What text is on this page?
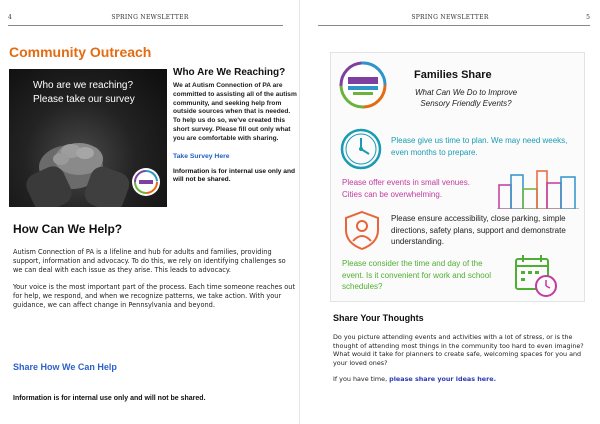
4	SPRING NEWSLETTER
Community Outreach
Who are we reaching? Please take our survey
Who Are We Reaching?
We at Autism Connection of PA are committed to assisting all of the autism community, and seeking help from outside sources when that is needed. To help us do so, we've created this short survey. Please fill out only what you are comfortable with sharing.
Take Survey Here
Information is for internal use only and will not be shared.
How Can We Help?

Autism Connection of PA is a lifeline and hub for adults and families, providing support, information and advocacy. To do this, we rely on identifying challenges so we can deal with each issue as they arise. This leads to advocacy.

Your voice is the most important part of the process. Each time someone reaches out for help, we respond, and when we recognize patterns, we take action. With your guidance, we can affect change in Pennsylvania and beyond.

Share How We Can Help
Information is for internal use only and will not be shared.
SPRING NEWSLETTER	5
Families Share
What Can We Do to Improve Sensory Friendly Events?
Please give us time to plan. We may need weeks, even months to prepare.
Please offer events in small venues. Cities can be overwhelming.
Please ensure accessibility, close parking, simple directions, safety plans, support and demonstrate understanding.
Please consider the time and day of the event. Is it convenient for work and school schedules?
Share Your Thoughts

Do you picture attending events and activities with a lot of stress, or is the thought of attending most things in the community too hard to even imagine? What would it take for planners to create safe, welcoming spaces for you and your loved ones?

If you have time, please share your ideas here.
